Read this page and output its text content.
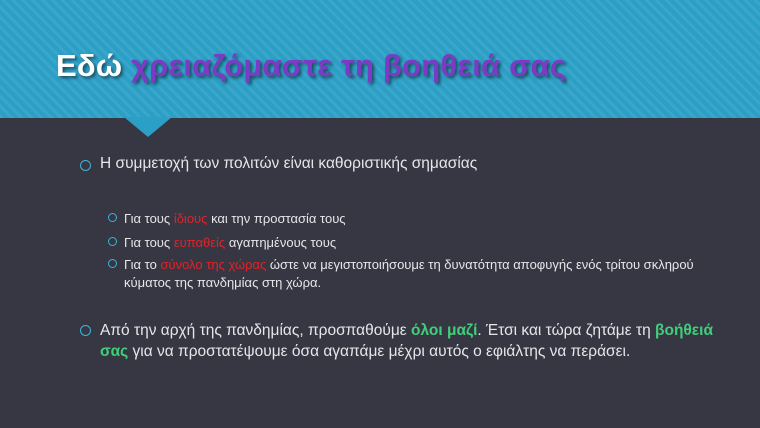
Εδώ χρειαζόμαστε τη βοηθειά σας
Η συμμετοχή των πολιτών είναι καθοριστικής σημασίας
Για τους ίδιους και την προστασία τους
Για τους ευπαθείς αγαπημένους τους
Για το σύνολο της χώρας ώστε να μεγιστοποιήσουμε τη δυνατότητα αποφυγής ενός τρίτου σκληρού κύματος της πανδημίας στη χώρα.
Από την αρχή της πανδημίας, προσπαθούμε όλοι μαζί. Έτσι και τώρα ζητάμε τη βοήθειά σας για να προστατέψουμε όσα αγαπάμε μέχρι αυτός ο εφιάλτης να περάσει.
